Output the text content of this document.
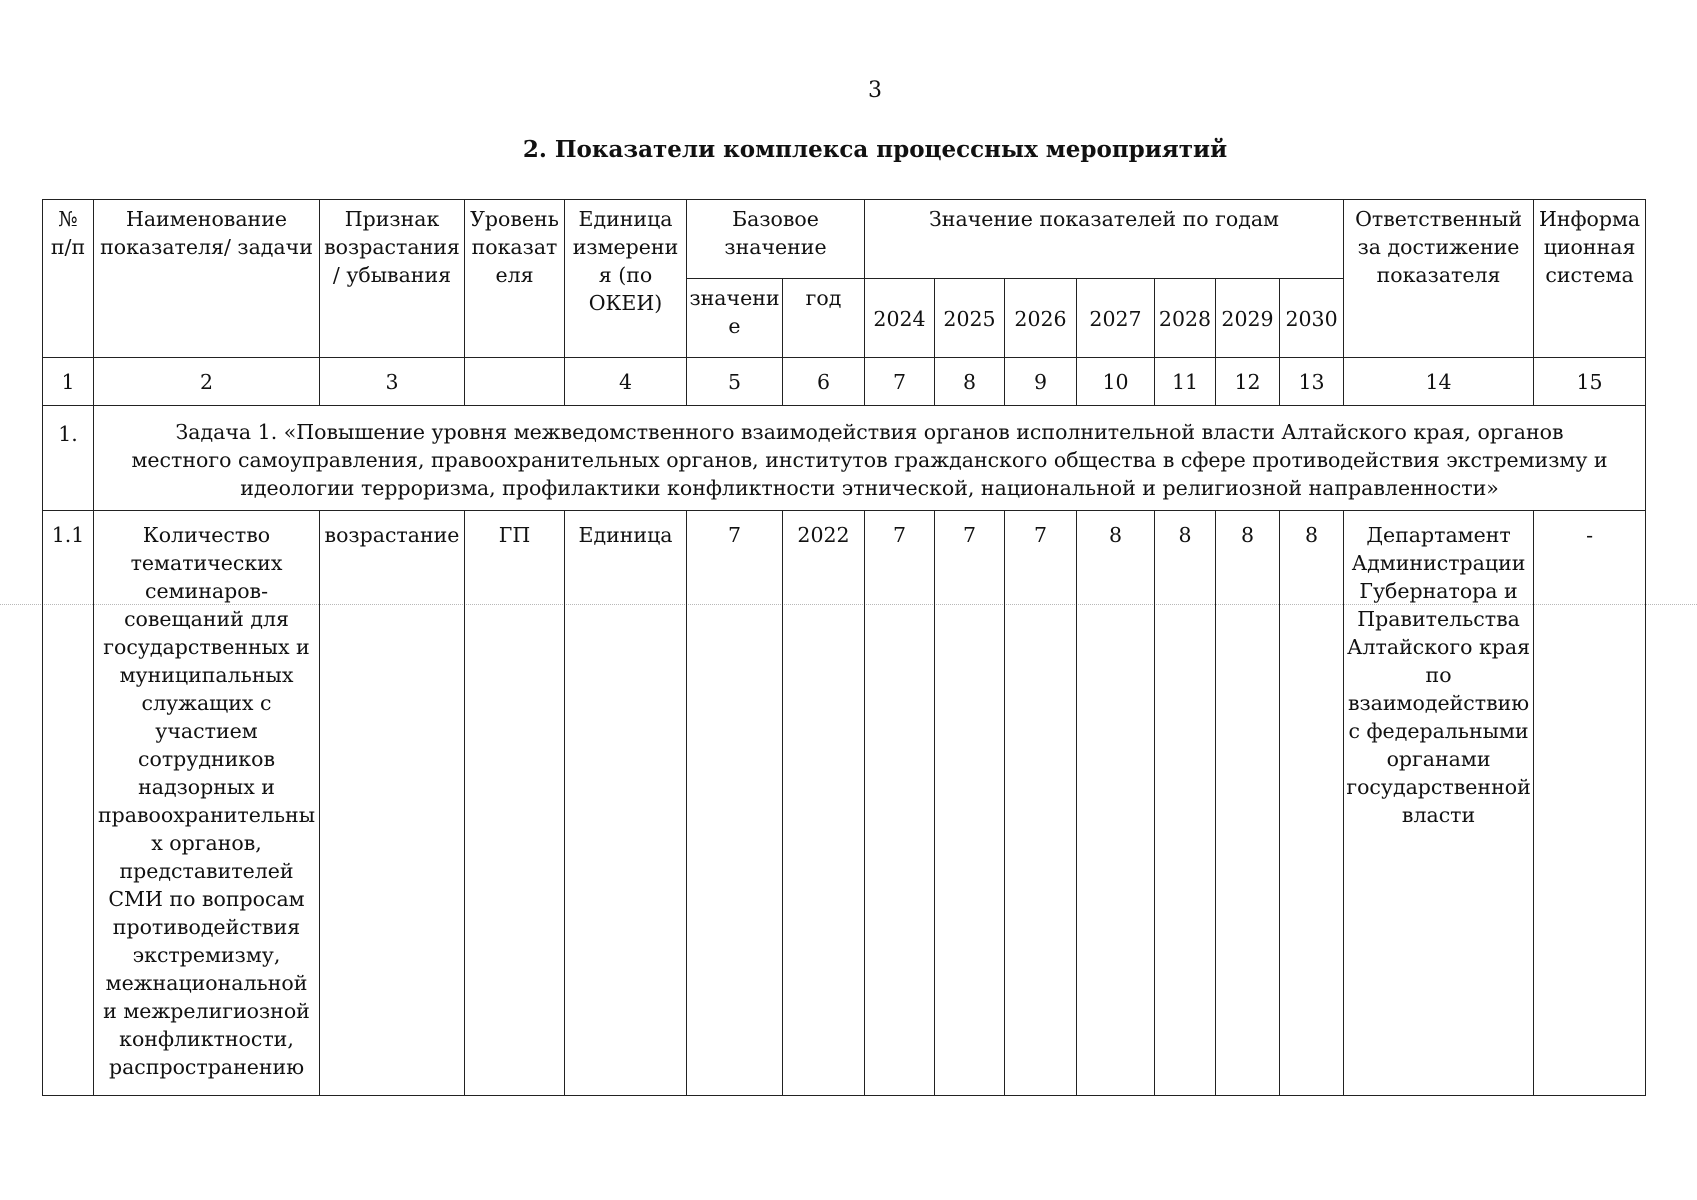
3
2. Показатели комплекса процессных мероприятий
№ п/п	Наименование показателя/ задачи	Признак возрастания / убывания	Уровень показат еля	Единица измерения (по ОКЕИ)	Базовое значение		Значение показателей по годам							Ответственный за достижение показателя	Информа ционная система
					значени е	год	2024	2025	2026	2027	2028	2029	2030		
1	2	3		4	5	6	7	8	9	10	11	12	13	14	15
1.	Задача 1. «Повышение уровня межведомственного взаимодействия органов исполнительной власти Алтайского края, органов местного самоуправления, правоохранительных органов, институтов гражданского общества в сфере противодействия экстремизму и идеологии терроризма, профилактики конфликтности этнической, национальной и религиозной направленности»														
1.1	Количество тематических семинаров-совещаний для государственных и муниципальных служащих с участием сотрудников надзорных и правоохранительны х органов, представителей СМИ по вопросам противодействия экстремизму, межнациональной и межрелигиозной конфликтности, распространению	возрастание	ГП	Единица	7	2022	7	7	7	8	8	8	8	Департамент Администрации Губернатора и Правительства Алтайского края по взаимодействию с федеральными органами государственной власти	-
